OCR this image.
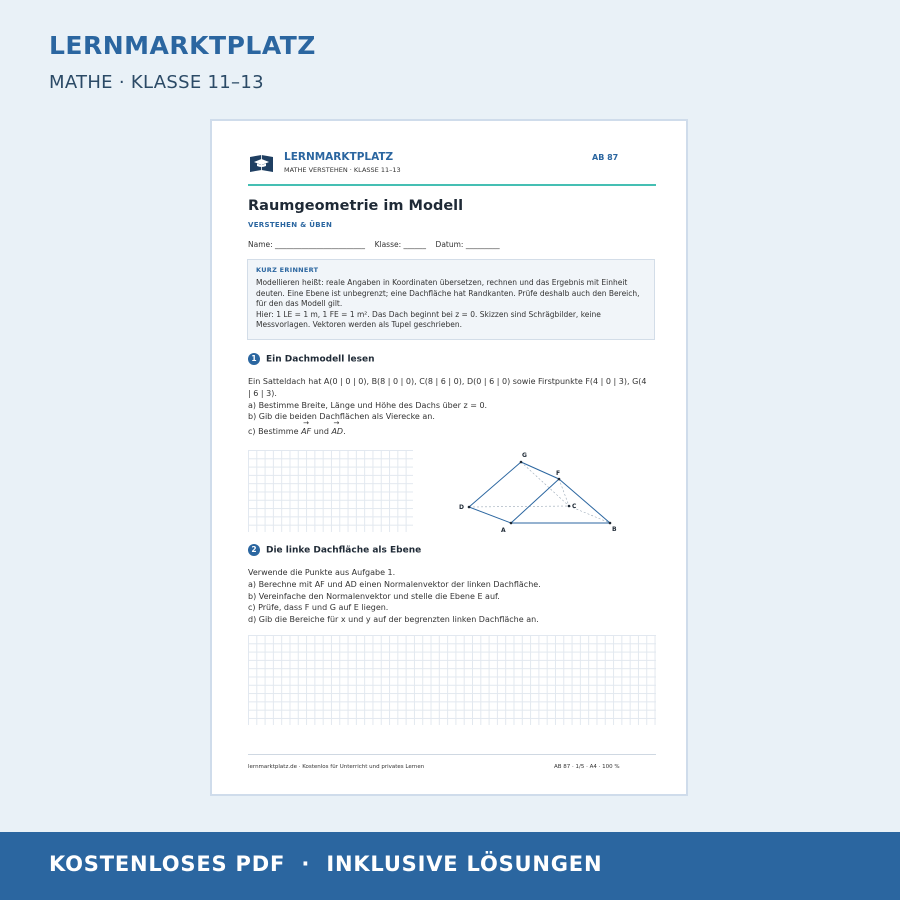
LERNMARKTPLATZ
MATHE · KLASSE 11–13
LERNMARKTPLATZ
MATHE VERSTEHEN · KLASSE 11–13
AB 87
Raumgeometrie im Modell
VERSTEHEN & ÜBEN
Name: ________________________    Klasse: ______    Datum: _________
KURZ ERINNERT

Modellieren heißt: reale Angaben in Koordinaten übersetzen, rechnen und das Ergebnis mit Einheit

deuten. Eine Ebene ist unbegrenzt; eine Dachfläche hat Randkanten. Prüfe deshalb auch den Bereich,

für den das Modell gilt.

Hier: 1 LE = 1 m, 1 FE = 1 m². Das Dach beginnt bei z = 0. Skizzen sind Schrägbilder, keine

Messvorlagen. Vektoren werden als Tupel geschrieben.

1 Ein Dachmodell lesen
Ein Satteldach hat A(0 | 0 | 0), B(8 | 0 | 0), C(8 | 6 | 0), D(0 | 6 | 0) sowie Firstpunkte F(4 | 0 | 3), G(4
| 6 | 3).
a) Bestimme Breite, Länge und Höhe des Dachs über z = 0.
b) Gib die beiden Dachflächen als Vierecke an.
c) Bestimme → AF und → AD.
A	B
C
D
F
G
2 Die linke Dachfläche als Ebene
Verwende die Punkte aus Aufgabe 1.
a) Berechne mit AF und AD einen Normalenvektor der linken Dachfläche.
b) Vereinfache den Normalenvektor und stelle die Ebene E auf.
c) Prüfe, dass F und G auf E liegen.
d) Gib die Bereiche für x und y auf der begrenzten linken Dachfläche an.
lernmarktplatz.de · Kostenlos für Unterricht und privates Lernen	AB 87 · 1/5 · A4 · 100 %
KOSTENLOSES PDF  ·  INKLUSIVE LÖSUNGEN
